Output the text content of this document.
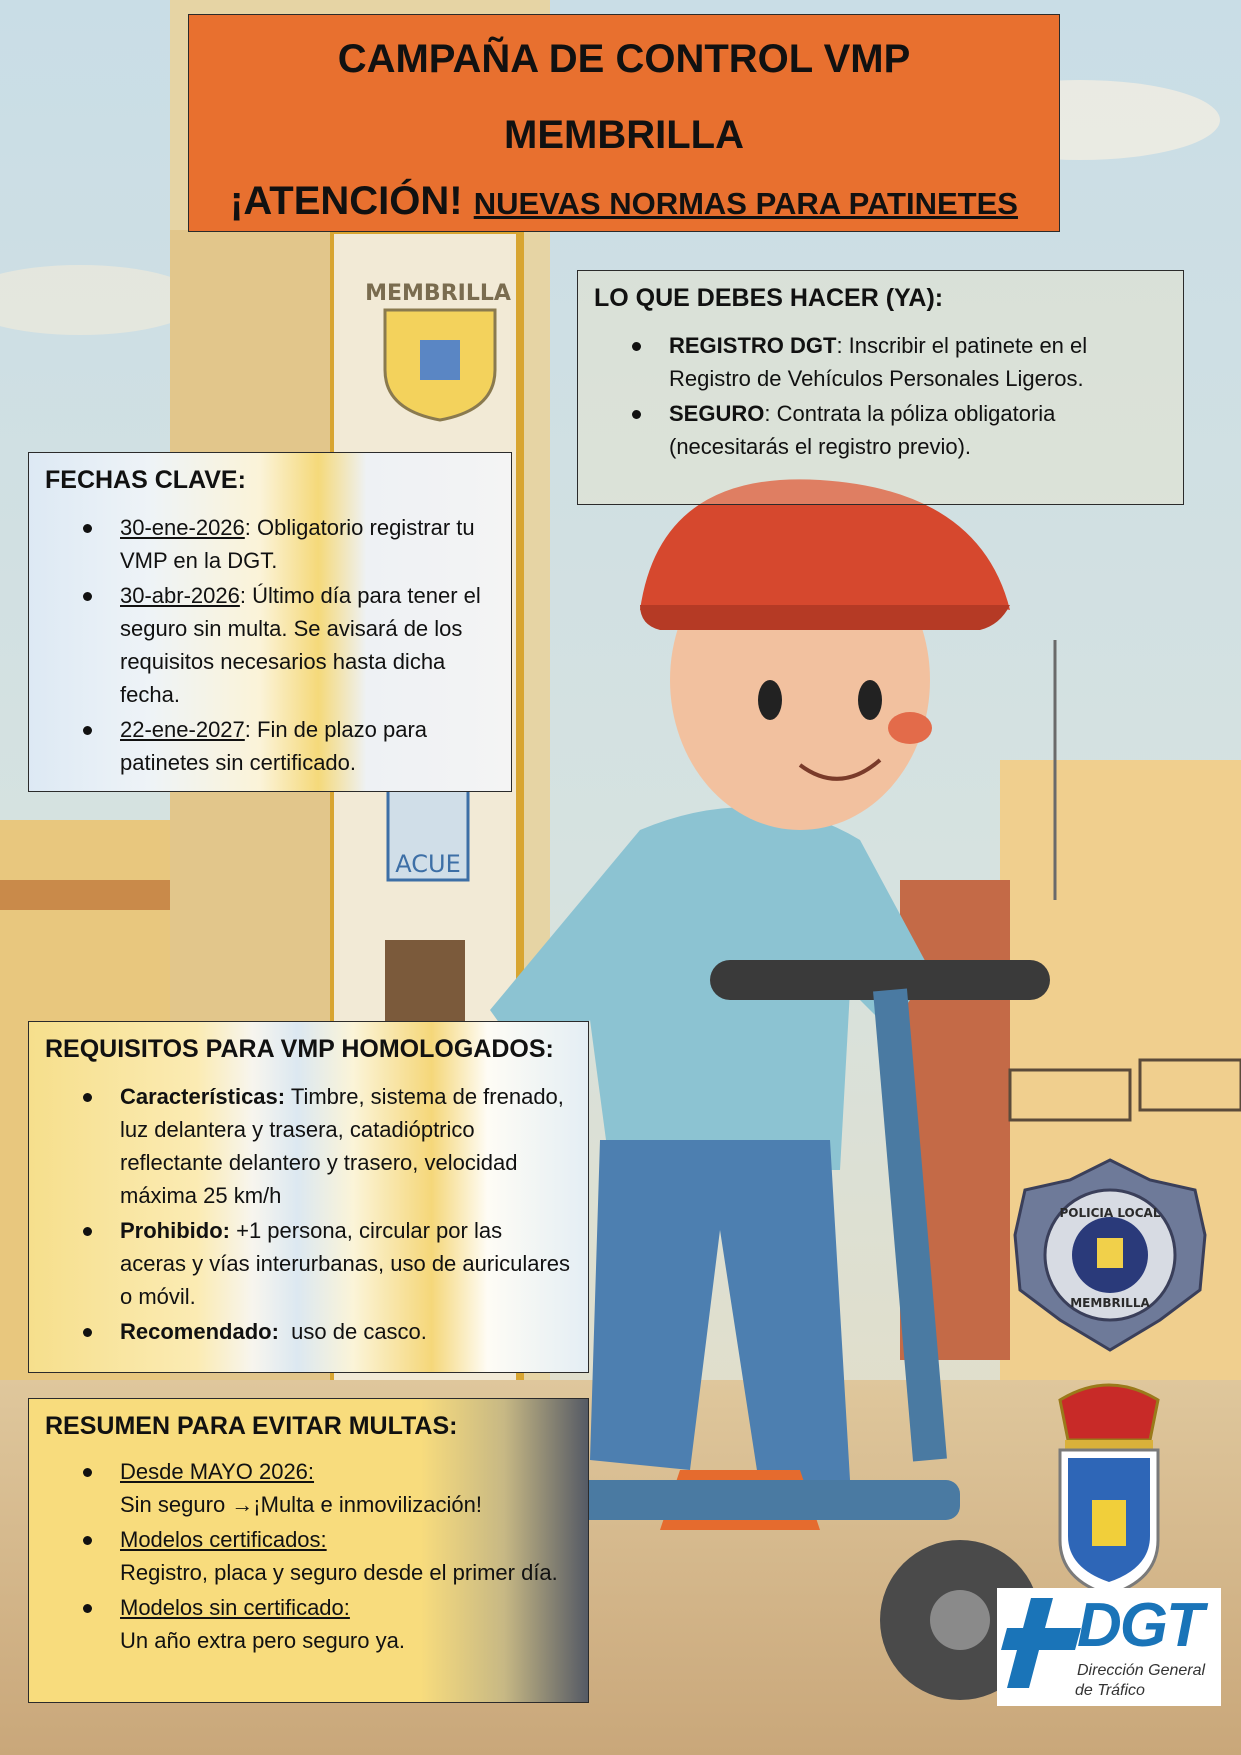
ACUE
MEMBRILLA
POLICIA LOCAL
MEMBRILLA
CAMPAÑA DE CONTROL VMP
MEMBRILLA
¡ATENCIÓN! NUEVAS NORMAS PARA PATINETES
LO QUE DEBES HACER (YA):
REGISTRO DGT: Inscribir el patinete en el Registro de Vehículos Personales Ligeros.
SEGURO: Contrata la póliza obligatoria (necesitarás el registro previo).
FECHAS CLAVE:
30-ene-2026: Obligatorio registrar tu VMP en la DGT.
30-abr-2026: Último día para tener el seguro sin multa. Se avisará de los requisitos necesarios hasta dicha fecha.
22-ene-2027: Fin de plazo para patinetes sin certificado.
REQUISITOS PARA VMP HOMOLOGADOS:
Características: Timbre, sistema de frenado, luz delantera y trasera, catadióptrico reflectante delantero y trasero, velocidad máxima 25 km/h
Prohibido: +1 persona, circular por las aceras y vías interurbanas, uso de auriculares o móvil.
Recomendado:  uso de casco.
RESUMEN PARA EVITAR MULTAS:
Desde MAYO 2026:
Sin seguro →¡Multa e inmovilización!
Modelos certificados:
Registro, placa y seguro desde el primer día.
Modelos sin certificado:
Un año extra pero seguro ya.	DGT
Dirección General
de Tráfico
